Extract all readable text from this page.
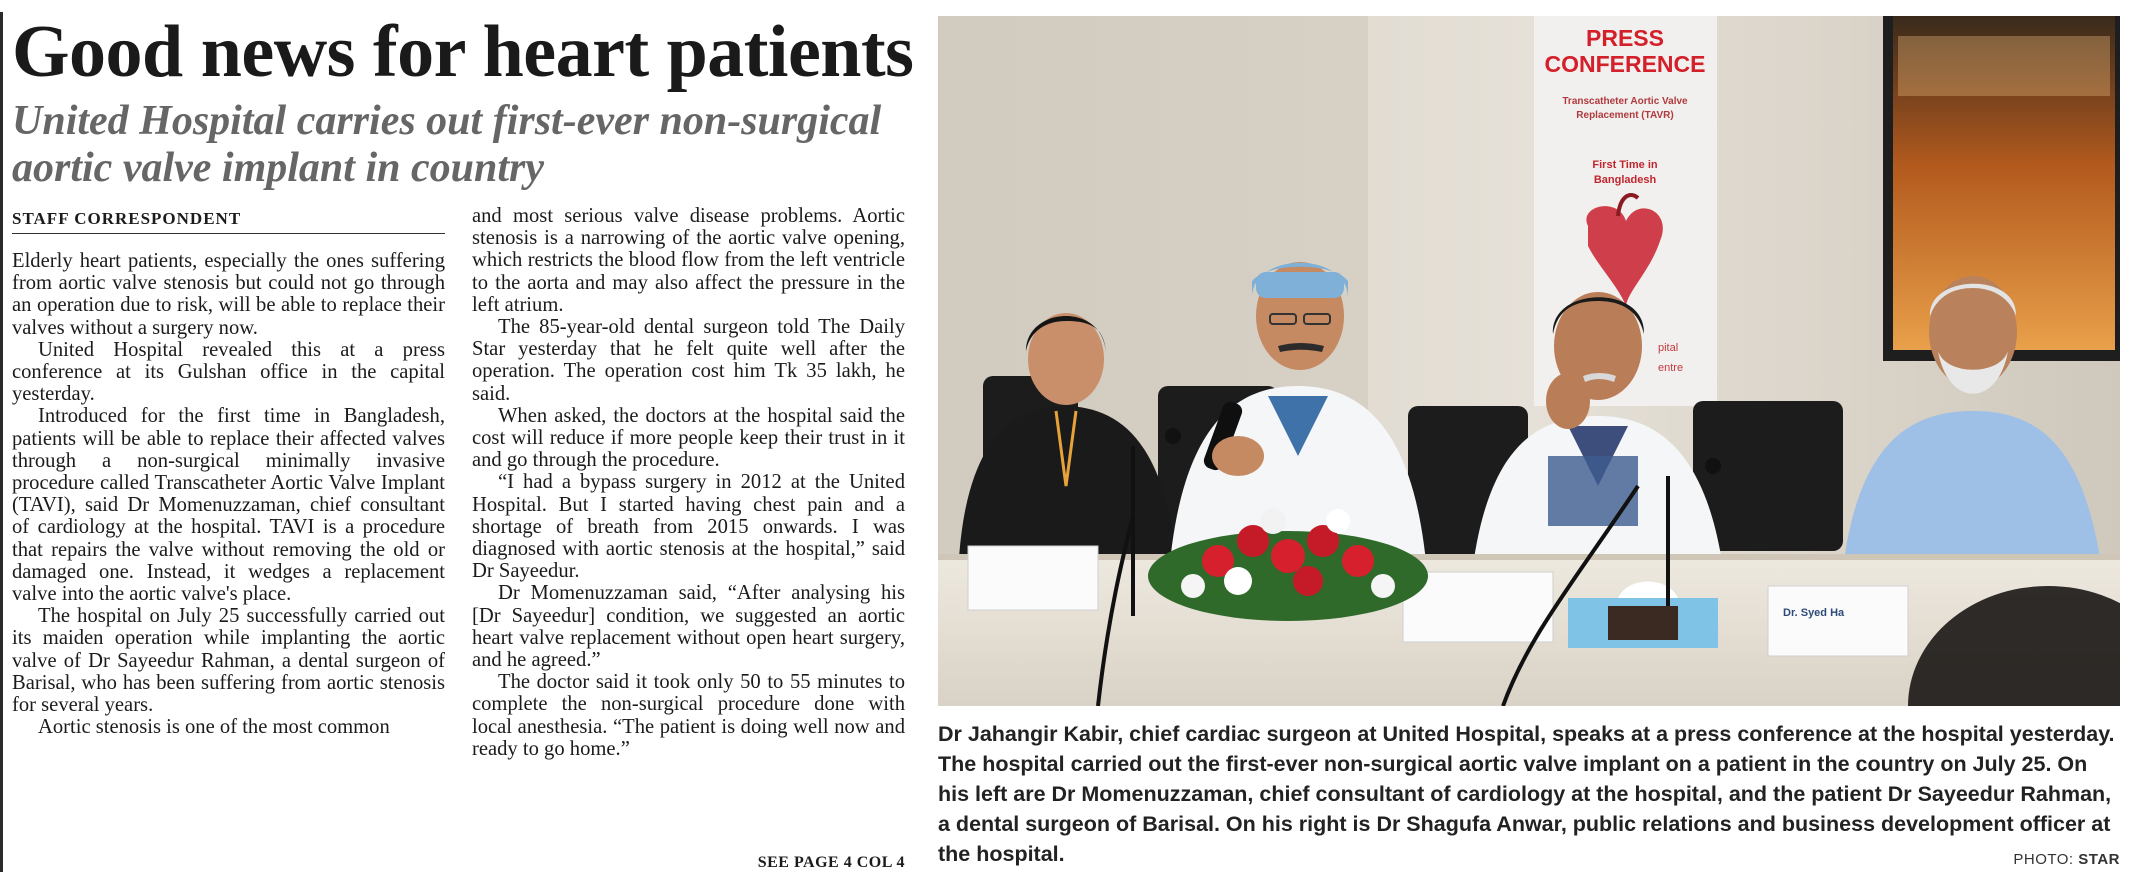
Good news for heart patients
United Hospital carries out first-ever non-surgical aortic valve implant in country
STAFF CORRESPONDENT

Elderly heart patients, especially the ones suffering from aortic valve stenosis but could not go through an operation due to risk, will be able to replace their valves without a surgery now.

United Hospital revealed this at a press conference at its Gulshan office in the capital yesterday.

Introduced for the first time in Bangladesh, patients will be able to replace their affected valves through a non-surgical minimally invasive procedure called Transcatheter Aortic Valve Implant (TAVI), said Dr Momenuzzaman, chief consultant of cardiology at the hospital. TAVI is a procedure that repairs the valve without removing the old or damaged one. Instead, it wedges a replacement valve into the aortic valve's place.

The hospital on July 25 successfully carried out its maiden operation while implanting the aortic valve of Dr Sayeedur Rahman, a dental surgeon of Barisal, who has been suffering from aortic stenosis for several years.

Aortic stenosis is one of the most common

and most serious valve disease problems. Aortic stenosis is a narrowing of the aortic valve opening, which restricts the blood flow from the left ventricle to the aorta and may also affect the pressure in the left atrium.

The 85-year-old dental surgeon told The Daily Star yesterday that he felt quite well after the operation. The operation cost him Tk 35 lakh, he said.

When asked, the doctors at the hospital said the cost will reduce if more people keep their trust in it and go through the procedure.

“I had a bypass surgery in 2012 at the United Hospital. But I started having chest pain and a shortage of breath from 2015 onwards. I was diagnosed with aortic stenosis at the hospital,” said Dr Sayeedur.

Dr Momenuzzaman said, “After analysing his [Dr Sayeedur] condition, we suggested an aortic heart valve replacement without open heart surgery, and he agreed.”

The doctor said it took only 50 to 55 minutes to complete the non-surgical procedure done with local anesthesia. “The patient is doing well now and ready to go home.”

SEE PAGE 4 COL 4
PRESS
CONFERENCE
Transcatheter Aortic Valve
Replacement (TAVR)
First Time in
Bangladesh
pital
entre
Dr. Syed Ha
Dr Jahangir Kabir, chief cardiac surgeon at United Hospital, speaks at a press conference at the hospital yesterday. The hospital carried out the first-ever non-surgical aortic valve implant on a patient in the country on July 25. On his left are Dr Momenuzzaman, chief consultant of cardiology at the hospital, and the patient Dr Sayeedur Rahman, a dental surgeon of Barisal. On his right is Dr Shagufa Anwar, public relations and business development officer at the hospital.	PHOTO: STAR
